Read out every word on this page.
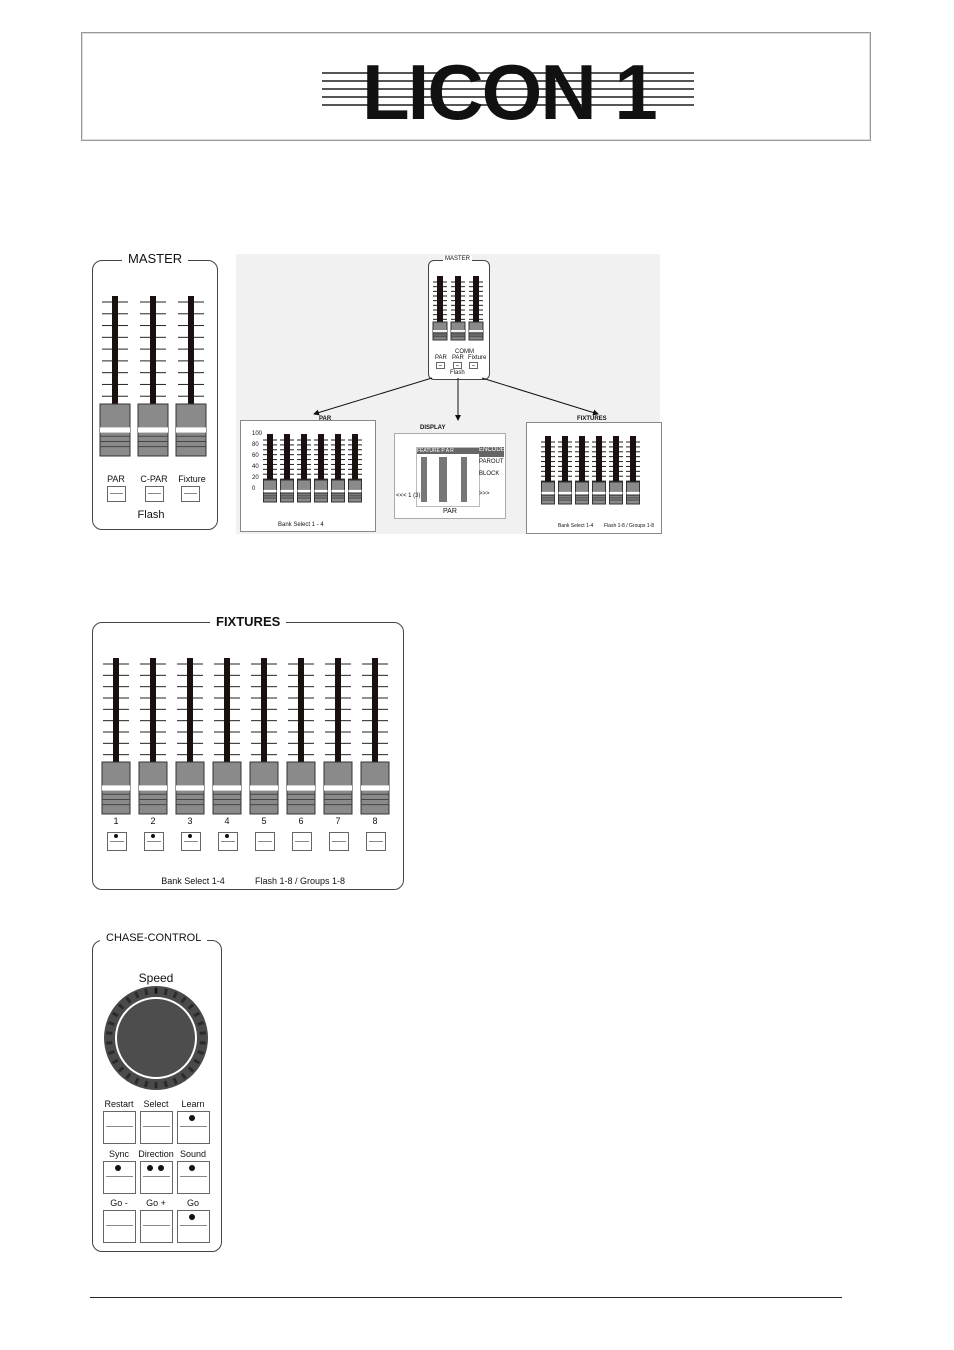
LICON 1
MASTER
PAR	C-PAR	Fixture
Flash
MASTER
COMM
PAR PAR Fixture
Flash
PAR
100
80
60
40
20
0
Bank Select 1 - 4
DISPLAY
FEATURE P A R
<<< 1 (3)
ENCODE
PAROUT
BLOCK
>>>
PAR
FIXTURES
Bank Select 1-4 Flash 1-8 / Groups 1-8
FIXTURES
1	2	3	4	5	6	7	8
Bank Select 1-4	Flash 1-8 / Groups 1-8
CHASE-CONTROL
Speed
Restart	Select	Learn
Sync	Direction Sound
Go -	Go +	Go
